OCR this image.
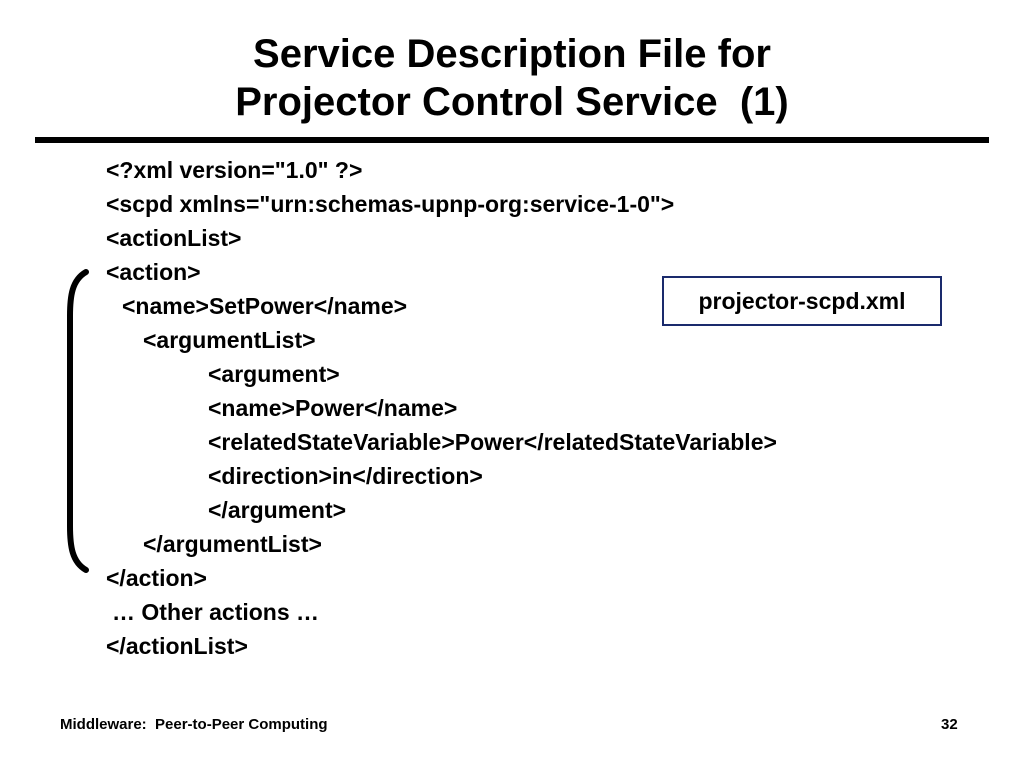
Service Description File for
Projector Control Service  (1)
<?xml version="1.0" ?>
<scpd xmlns="urn:schemas-upnp-org:service-1-0">
<actionList>
<action>
<name>SetPower</name>
<argumentList>
<argument>
<name>Power</name>
<relatedStateVariable>Power</relatedStateVariable>
<direction>in</direction>
</argument>
</argumentList>
</action>
… Other actions …
</actionList>
projector-scpd.xml
Middleware:  Peer-to-Peer Computing	32
